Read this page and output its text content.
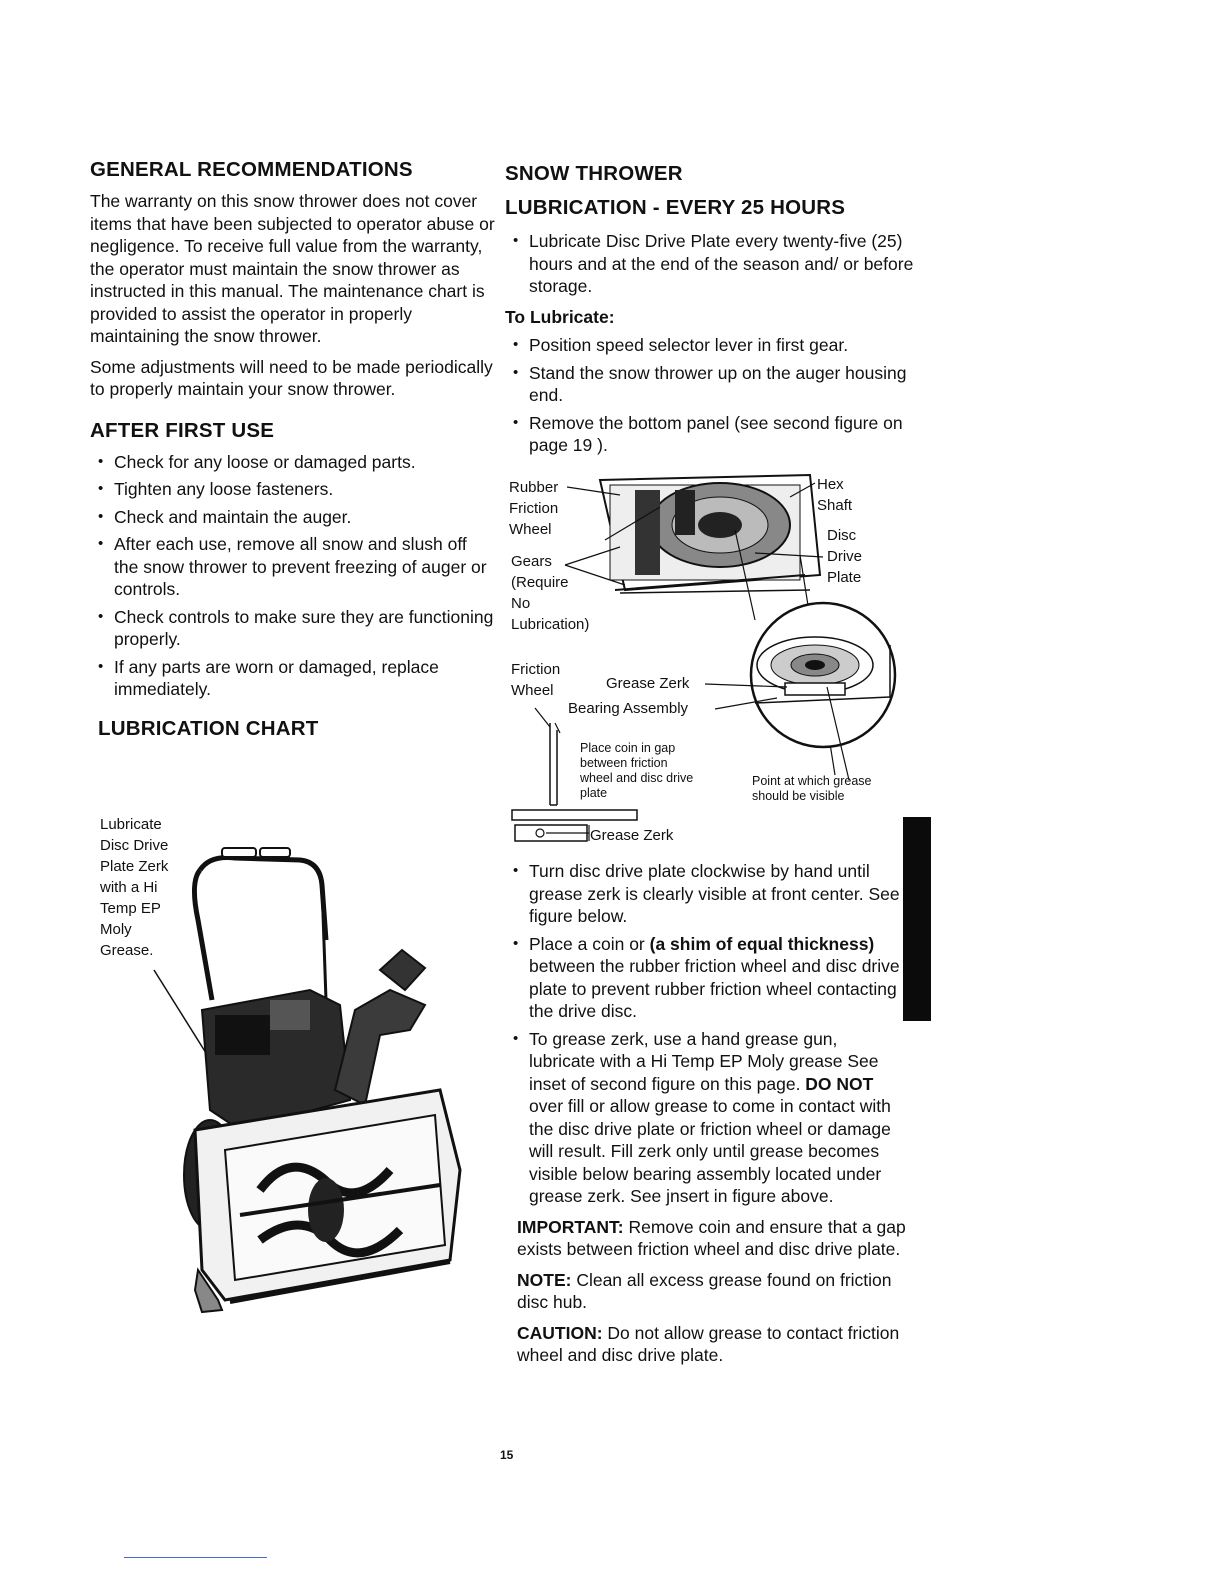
GENERAL RECOMMENDATIONS

The warranty on this snow thrower does not cover items that have been subjected to operator abuse or negligence. To receive full value from the warranty, the operator must maintain the snow thrower as instructed in this manual. The maintenance chart is provided to assist the operator in properly maintaining the snow thrower.

Some adjustments will need to be made periodically to properly maintain your snow thrower.

AFTER FIRST USE
• Check for any loose or damaged parts.
• Tighten any loose fasteners.
• Check and maintain the auger.
• After each use, remove all snow and slush off the snow thrower to prevent freezing of auger or controls.
• Check controls to make sure they are functioning properly.
• If any parts are worn or damaged, replace immediately.
LUBRICATION CHART
Lubricate
Disc Drive
Plate Zerk
with a Hi
Temp EP
Moly
Grease.
SNOW THROWER
LUBRICATION - EVERY 25 HOURS
• Lubricate Disc Drive Plate every twenty-five (25) hours and at the end of the season and/ or before storage.

To Lubricate:

• Position speed selector lever in first gear.
• Stand the snow thrower up on the auger housing end.
• Remove the bottom panel (see second figure on page 19 ).
Rubber
Friction
Wheel
Hex
Shaft
Disc
Drive
Plate
Gears
(Require
No
Lubrication)
Friction
Wheel	Grease Zerk
Bearing Assembly
Place coin in gap
between friction
wheel and disc drive
plate
Point at which grease
should be visible
Grease Zerk
• Turn disc drive plate clockwise by hand until grease zerk is clearly visible at front center. See figure below.
• Place a coin or (a shim of equal thickness) between the rubber friction wheel and disc drive plate to prevent rubber friction wheel contacting the drive disc.
• To grease zerk, use a hand grease gun, lubricate with a Hi Temp EP Moly grease See inset of second figure on this page. DO NOT over fill or allow grease to come in contact with the disc drive plate or friction wheel or damage will result. Fill zerk only until grease becomes visible below bearing assembly located under grease zerk. See jnsert in figure above.

IMPORTANT: Remove coin and ensure that a gap exists between friction wheel and disc drive plate.

NOTE: Clean all excess grease found on friction disc hub.

CAUTION: Do not allow grease to contact friction wheel and disc drive plate.

15
